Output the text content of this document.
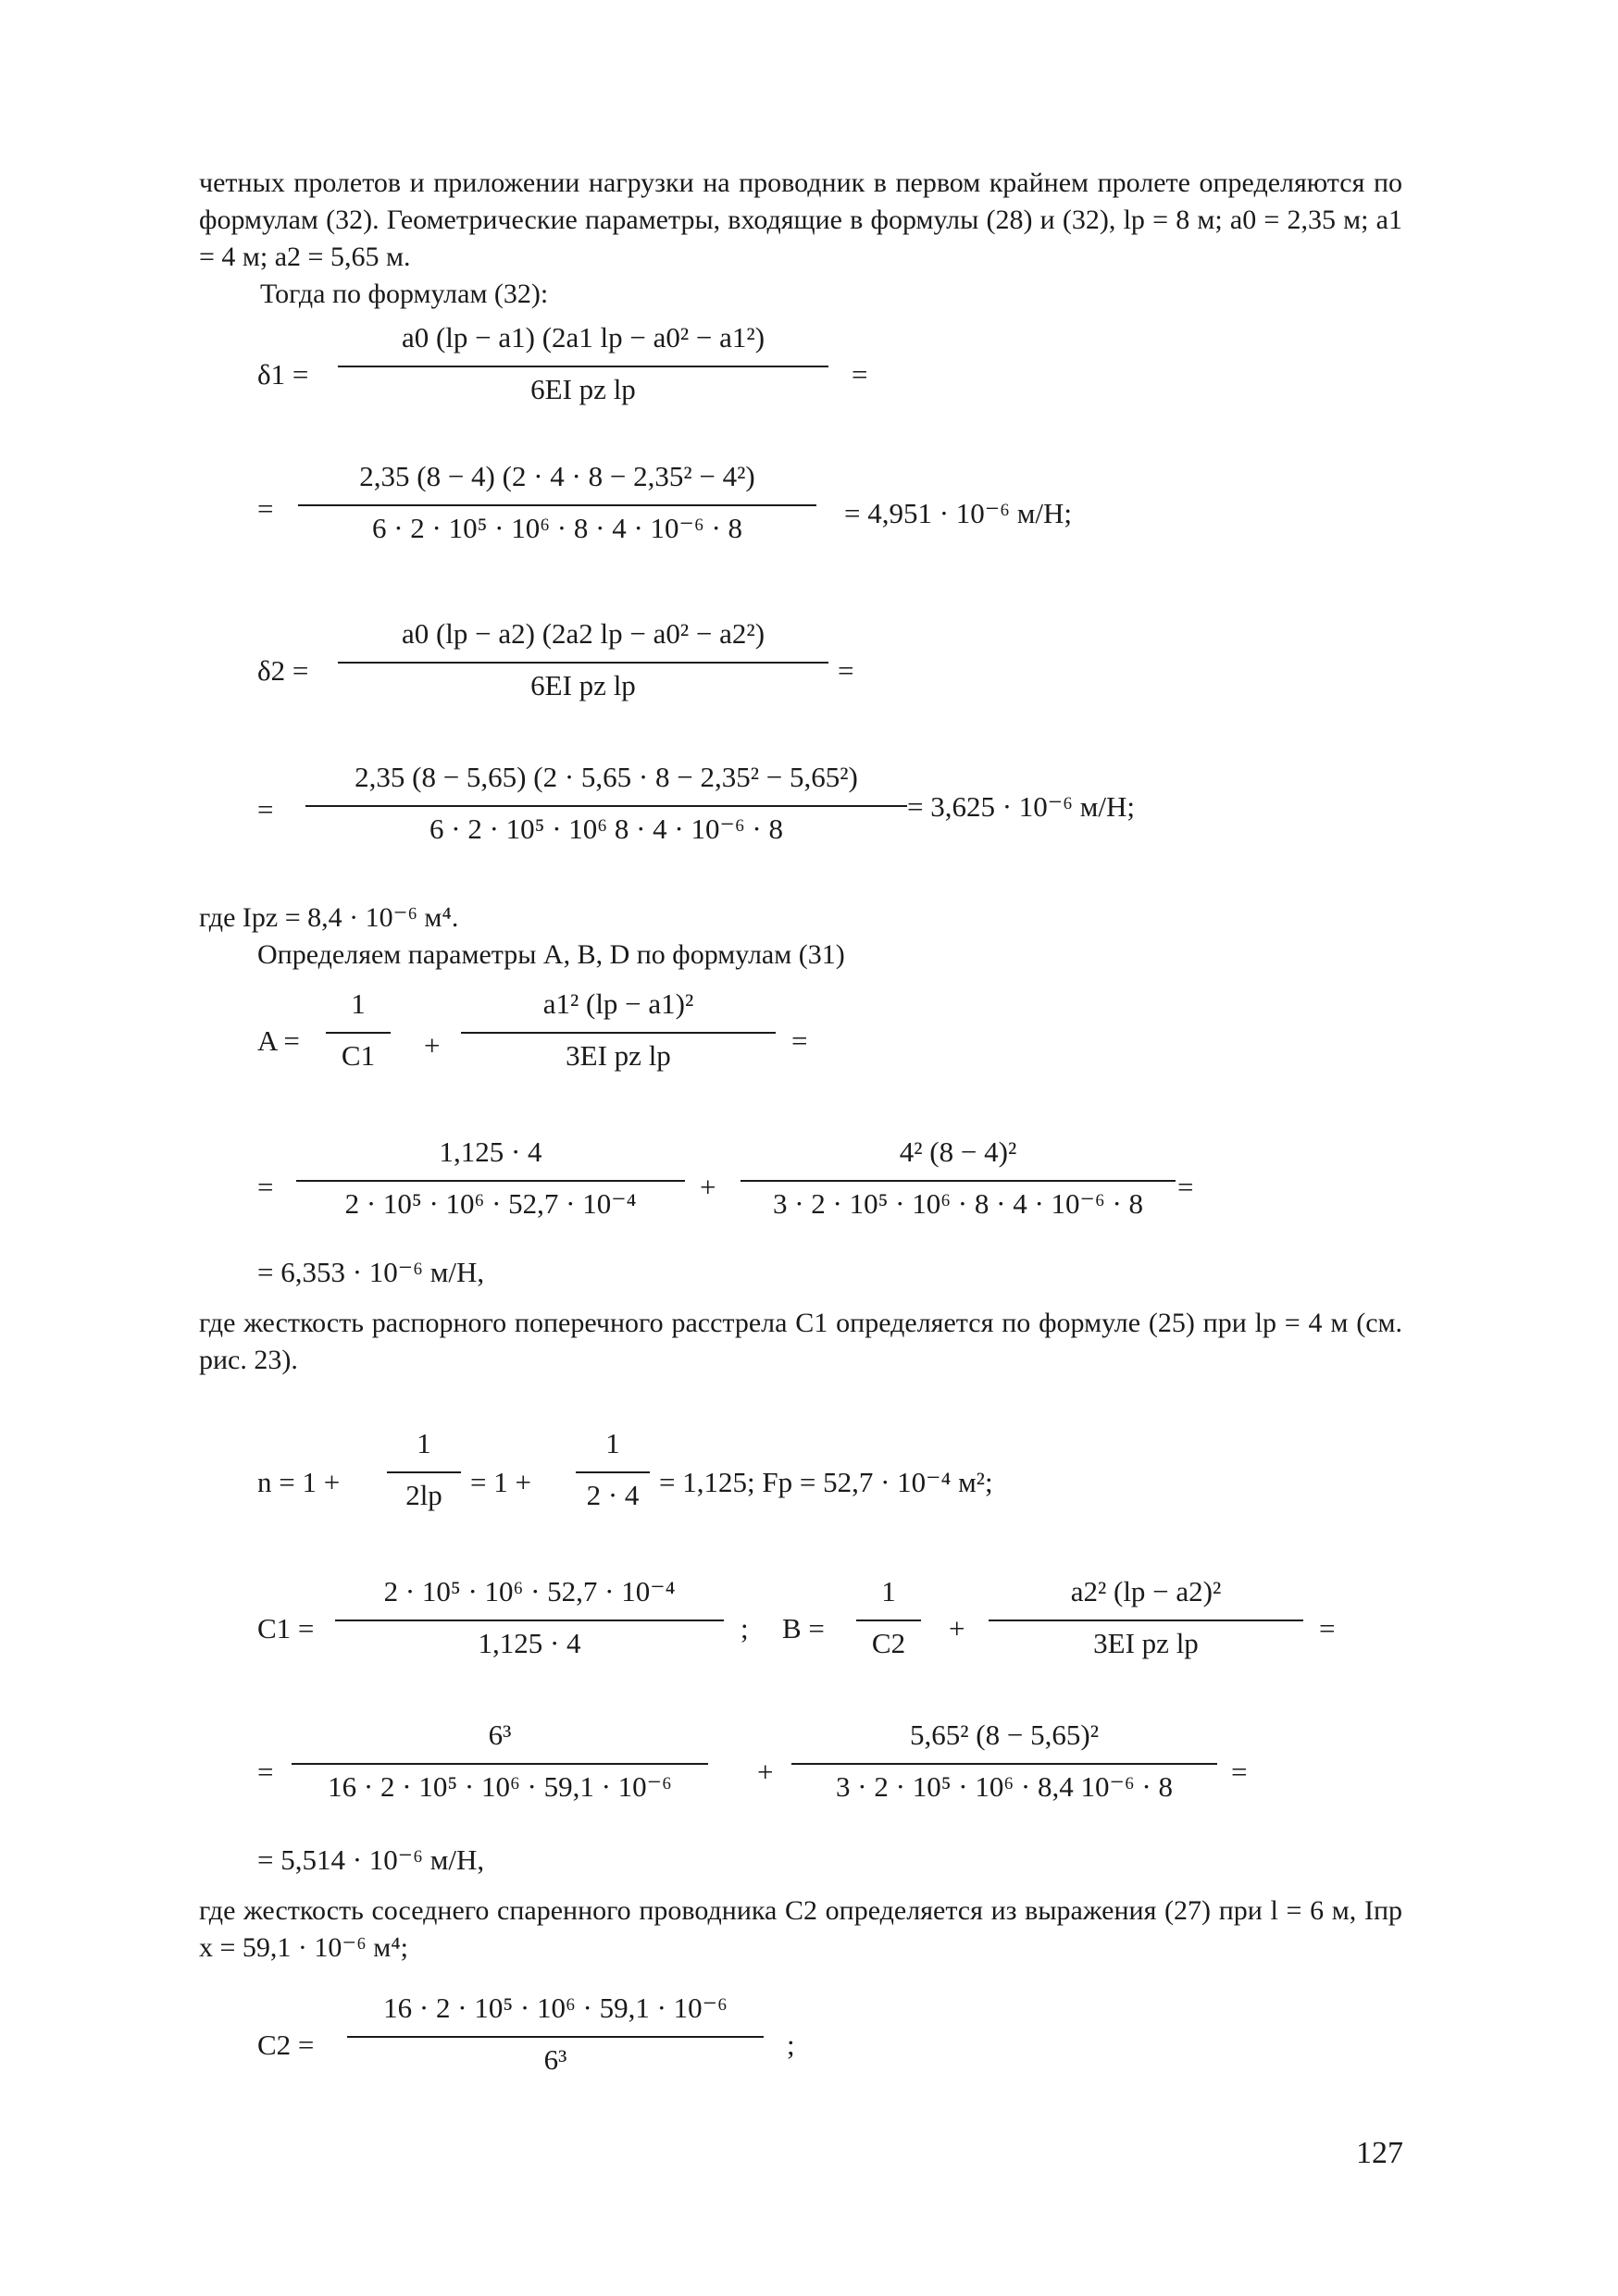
четных пролетов и приложении нагрузки на проводник в первом крайнем пролете определяются по формулам (32). Геометрические параметры, входящие в формулы (28) и (32), lр = 8 м; a0 = 2,35 м; a1 = 4 м; a2 = 5,65 м.
Тогда по формулам (32):
δ1 =
a0 (lр − a1) (2a1 lр − a0² − a1²)
6EI pz lр	=
=
2,35 (8 − 4) (2 · 4 · 8 − 2,35² − 4²)
6 · 2 · 10⁵ · 10⁶ · 8 · 4 · 10⁻⁶ · 8	= 4,951 · 10⁻⁶ м/Н;
δ2 =
a0 (lр − a2) (2a2 lр − a0² − a2²)
6EI pz lр	=
=
2,35 (8 − 5,65) (2 · 5,65 · 8 − 2,35² − 5,65²)
6 · 2 · 10⁵ · 10⁶ 8 · 4 · 10⁻⁶ · 8
= 3,625 · 10⁻⁶ м/Н;
где Iрz = 8,4 · 10⁻⁶ м⁴.
Определяем параметры A, B, D по формулам (31)
A =
1
C1	+
a1² (lр − a1)²
3EI pz lр	=
=
1,125 · 4
2 · 10⁵ · 10⁶ · 52,7 · 10⁻⁴
+
4² (8 − 4)²
3 · 2 · 10⁵ · 10⁶ · 8 · 4 · 10⁻⁶ · 8
=
= 6,353 · 10⁻⁶ м/Н,
где жесткость распорного поперечного расстрела C1 определяется по формуле (25) при lр = 4 м (см. рис. 23).
n = 1 +
1
2lр = 1 +
1
2 · 4 = 1,125; Fр = 52,7 · 10⁻⁴ м²;
C1 =
2 · 10⁵ · 10⁶ · 52,7 · 10⁻⁴
1,125 · 4	; B =
1
C2	+
a2² (lр − a2)²
3EI pz lр	=
=
6³
16 · 2 · 10⁵ · 10⁶ · 59,1 · 10⁻⁶	+
5,65² (8 − 5,65)²
3 · 2 · 10⁵ · 10⁶ · 8,4 10⁻⁶ · 8	=
= 5,514 · 10⁻⁶ м/Н,
где жесткость соседнего спаренного проводника C2 определяется из выражения (27) при l = 6 м, Iпр x = 59,1 · 10⁻⁶ м⁴;
C2 =
16 · 2 · 10⁵ · 10⁶ · 59,1 · 10⁻⁶
6³	;
127
